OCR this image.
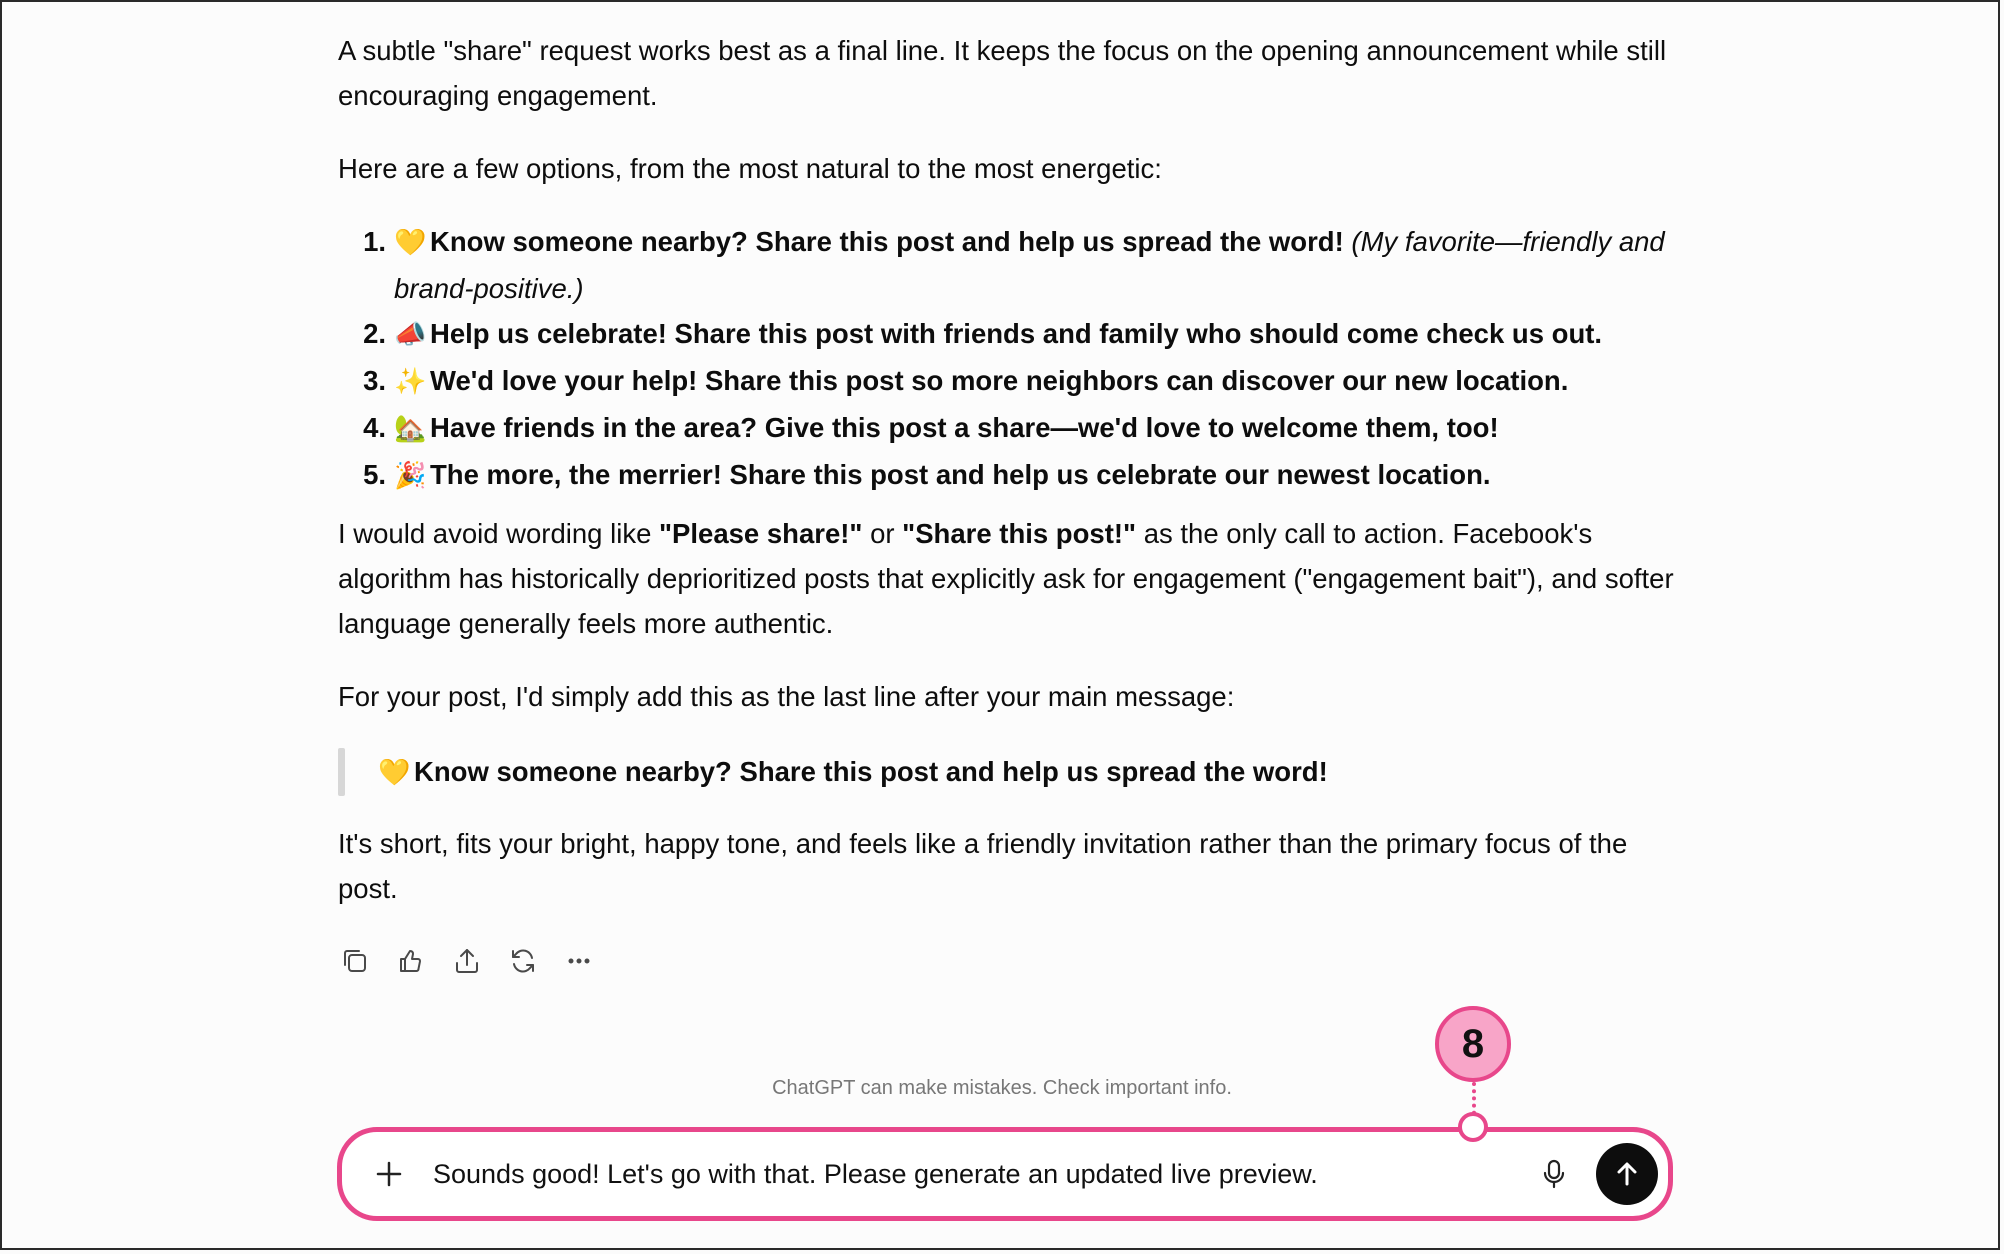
A subtle "share" request works best as a final line. It keeps the focus on the opening announcement while still encouraging engagement.

Here are a few options, from the most natural to the most energetic:

1. 💛 Know someone nearby? Share this post and help us spread the word! (My favorite—friendly and brand-positive.)
2. 📣 Help us celebrate! Share this post with friends and family who should come check us out.
3. ✨ We'd love your help! Share this post so more neighbors can discover our new location.
4. 🏡 Have friends in the area? Give this post a share—we'd love to welcome them, too!
5. 🎉 The more, the merrier! Share this post and help us celebrate our newest location.

I would avoid wording like "Please share!" or "Share this post!" as the only call to action. Facebook's algorithm has historically deprioritized posts that explicitly ask for engagement ("engagement bait"), and softer language generally feels more authentic.

For your post, I'd simply add this as the last line after your main message:

💛 Know someone nearby? Share this post and help us spread the word!

It's short, fits your bright, happy tone, and feels like a friendly invitation rather than the primary focus of the post.

ChatGPT can make mistakes. Check important info.
Sounds good! Let's go with that. Please generate an updated live preview.
8
